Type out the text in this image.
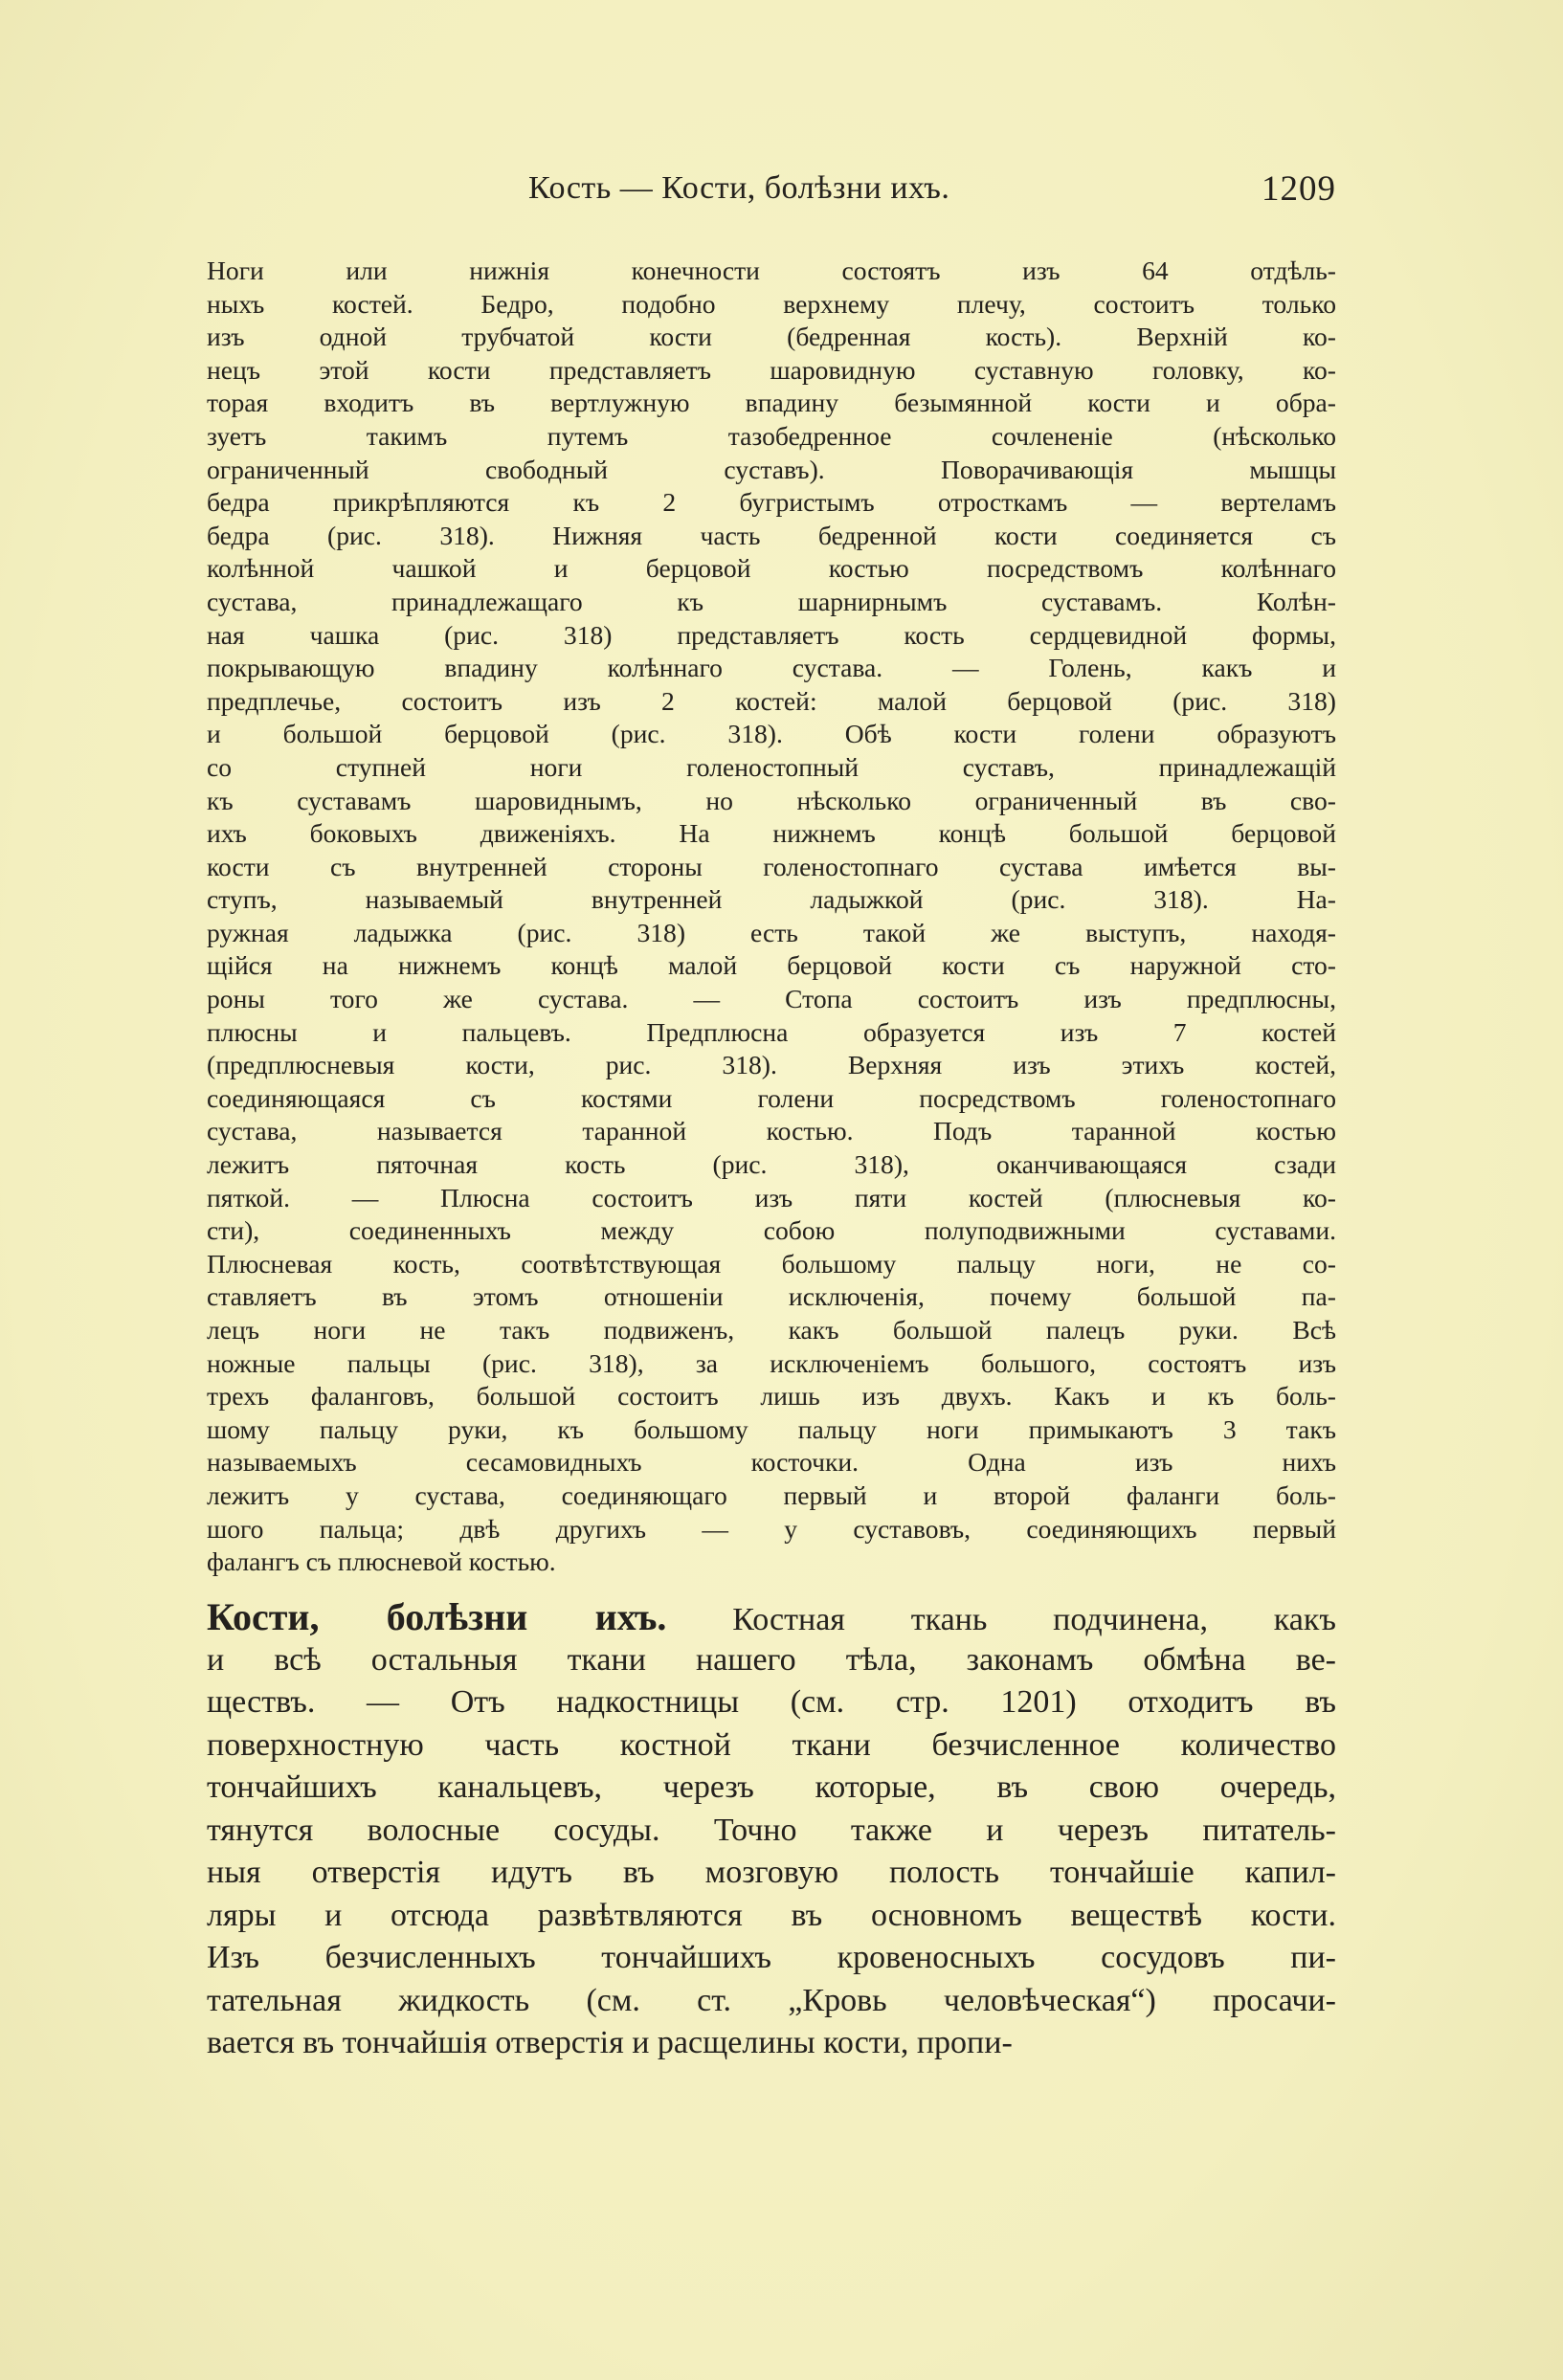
Кость — Кости, болѣзни ихъ.	1209
Ноги или нижнія конечности состоятъ изъ 64 отдѣль-
ныхъ костей. Бедро, подобно верхнему плечу, состоитъ только
изъ одной трубчатой кости (бедренная кость). Верхній ко-
нецъ этой кости представляетъ шаровидную суставную головку, ко-
торая входитъ въ вертлужную впадину безымянной кости и обра-
зуетъ такимъ путемъ тазобедренное сочлененіе (нѣсколько
ограниченный свободный суставъ). Поворачивающія мышцы
бедра прикрѣпляются къ 2 бугристымъ отросткамъ — вертеламъ
бедра (рис. 318). Нижняя часть бедренной кости соединяется съ
колѣнной чашкой и берцовой костью посредствомъ колѣннаго
сустава, принадлежащаго къ шарнирнымъ суставамъ. Колѣн-
ная чашка (рис. 318) представляетъ кость сердцевидной формы,
покрывающую впадину колѣннаго сустава. — Голень, какъ и
предплечье, состоитъ изъ 2 костей: малой берцовой (рис. 318)
и большой берцовой (рис. 318). Обѣ кости голени образуютъ
со ступней ноги голеностопный суставъ, принадлежащій
къ суставамъ шаровиднымъ, но нѣсколько ограниченный въ сво-
ихъ боковыхъ движеніяхъ. На нижнемъ концѣ большой берцовой
кости съ внутренней стороны голеностопнаго сустава имѣется вы-
ступъ, называемый внутренней ладыжкой (рис. 318). На-
ружная ладыжка (рис. 318) есть такой же выступъ, находя-
щійся на нижнемъ концѣ малой берцовой кости съ наружной сто-
роны того же сустава. — Стопа состоитъ изъ предплюсны,
плюсны и пальцевъ. Предплюсна образуется изъ 7 костей
(предплюсневыя кости, рис. 318). Верхняя изъ этихъ костей,
соединяющаяся съ костями голени посредствомъ голеностопнаго
сустава, называется таранной костью. Подъ таранной костью
лежитъ пяточная кость (рис. 318), оканчивающаяся сзади
пяткой. — Плюсна состоитъ изъ пяти костей (плюсневыя ко-
сти), соединенныхъ между собою полуподвижными суставами.
Плюсневая кость, соотвѣтствующая большому пальцу ноги, не со-
ставляетъ въ этомъ отношеніи исключенія, почему большой па-
лецъ ноги не такъ подвиженъ, какъ большой палецъ руки. Всѣ
ножные пальцы (рис. 318), за исключеніемъ большого, состоятъ изъ
трехъ фаланговъ, большой состоитъ лишь изъ двухъ. Какъ и къ боль-
шому пальцу руки, къ большому пальцу ноги примыкаютъ 3 такъ
называемыхъ сесамовидныхъ косточки. Одна изъ нихъ
лежитъ у сустава, соединяющаго первый и второй фаланги боль-
шого пальца; двѣ другихъ — у суставовъ, соединяющихъ первый
фалангъ съ плюсневой костью.
Кости, болѣзни ихъ. Костная ткань подчинена, какъ
и всѣ остальныя ткани нашего тѣла, законамъ обмѣна ве-
ществъ. — Отъ надкостницы (см. стр. 1201) отходитъ въ
поверхностную часть костной ткани безчисленное количество
тончайшихъ канальцевъ, черезъ которые, въ свою очередь,
тянутся волосные сосуды. Точно также и черезъ питатель-
ныя отверстія идутъ въ мозговую полость тончайшіе капил-
ляры и отсюда развѣтвляются въ основномъ веществѣ кости.
Изъ безчисленныхъ тончайшихъ кровеносныхъ сосудовъ пи-
тательная жидкость (см. ст. „Кровь человѣческая“) просачи-
вается въ тончайшія отверстія и расщелины кости, пропи-
